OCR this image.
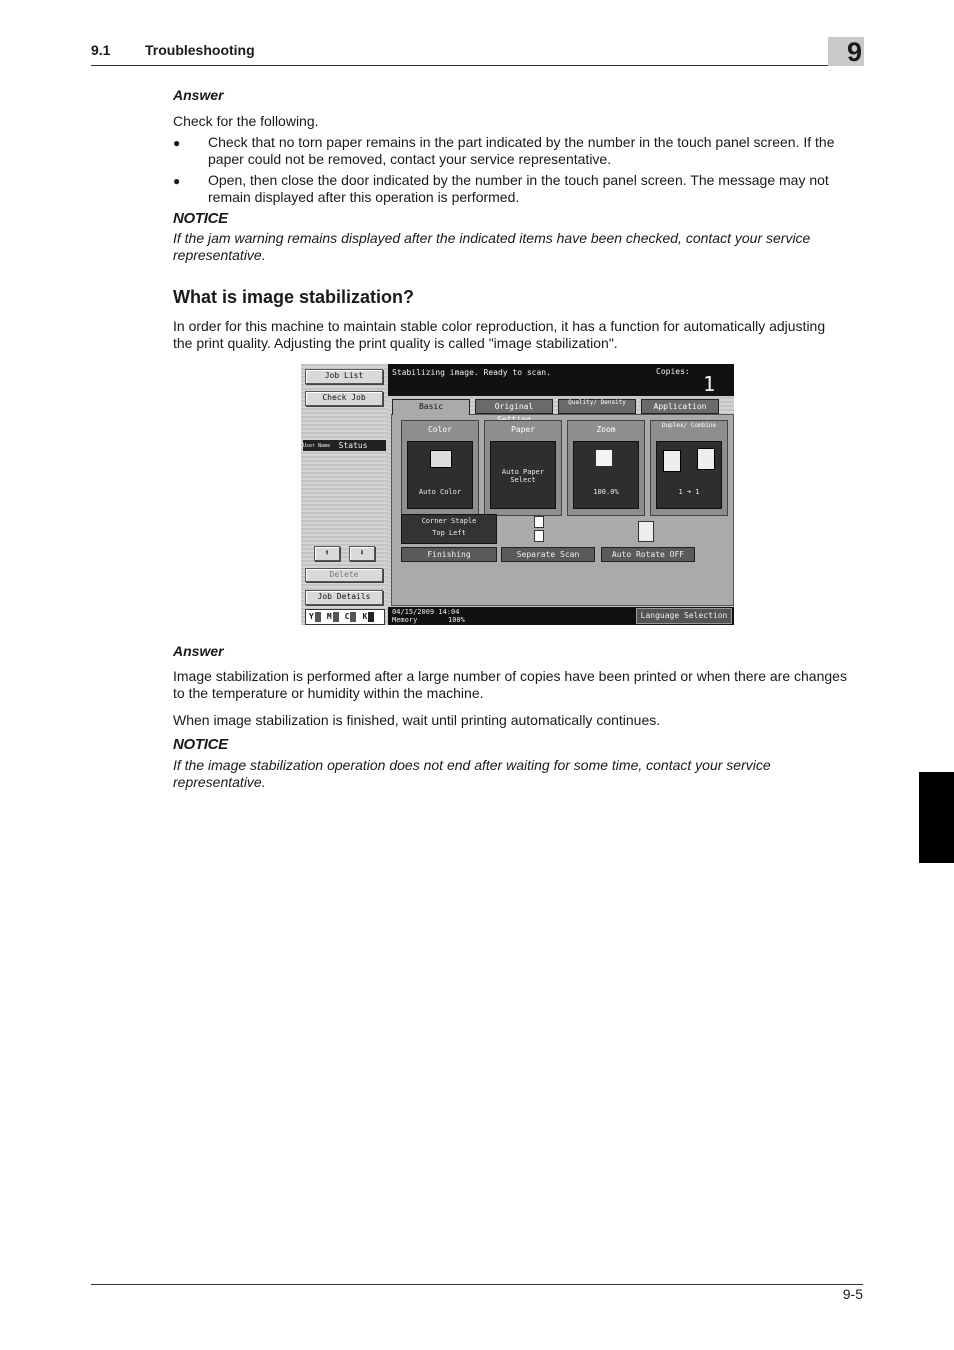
9.1 Troubleshooting	9
Answer
Check for the following.
● Check that no torn paper remains in the part indicated by the number in the touch panel screen. If the
paper could not be removed, contact your service representative.
● Open, then close the door indicated by the number in the touch panel screen. The message may not
remain displayed after this operation is performed.
NOTICE
If the jam warning remains displayed after the indicated items have been checked, contact your service
representative.
What is image stabilization?
In order for this machine to maintain stable color reproduction, it has a function for automatically adjusting
the print quality. Adjusting the print quality is called "image stabilization".
Job List
Check Job
User Name Status
⬆	⬇
Delete
Job Details
Y M C K
Stabilizing image. Ready to scan.	Copies:
1
Basic	Original	Quality/ Density	Application
Color
Auto Color
Paper
Auto Paper Select
Zoom
100.0%
Duplex/ Combine
1 ➜ 1
Corner Staple
Top Left
Finishing	Separate Scan	Auto Rotate OFF
04/15/2009 14:04
Memory	100%	Language Selection
Answer
Image stabilization is performed after a large number of copies have been printed or when there are changes
to the temperature or humidity within the machine.
When image stabilization is finished, wait until printing automatically continues.
NOTICE
If the image stabilization operation does not end after waiting for some time, contact your service
representative.
9-5
